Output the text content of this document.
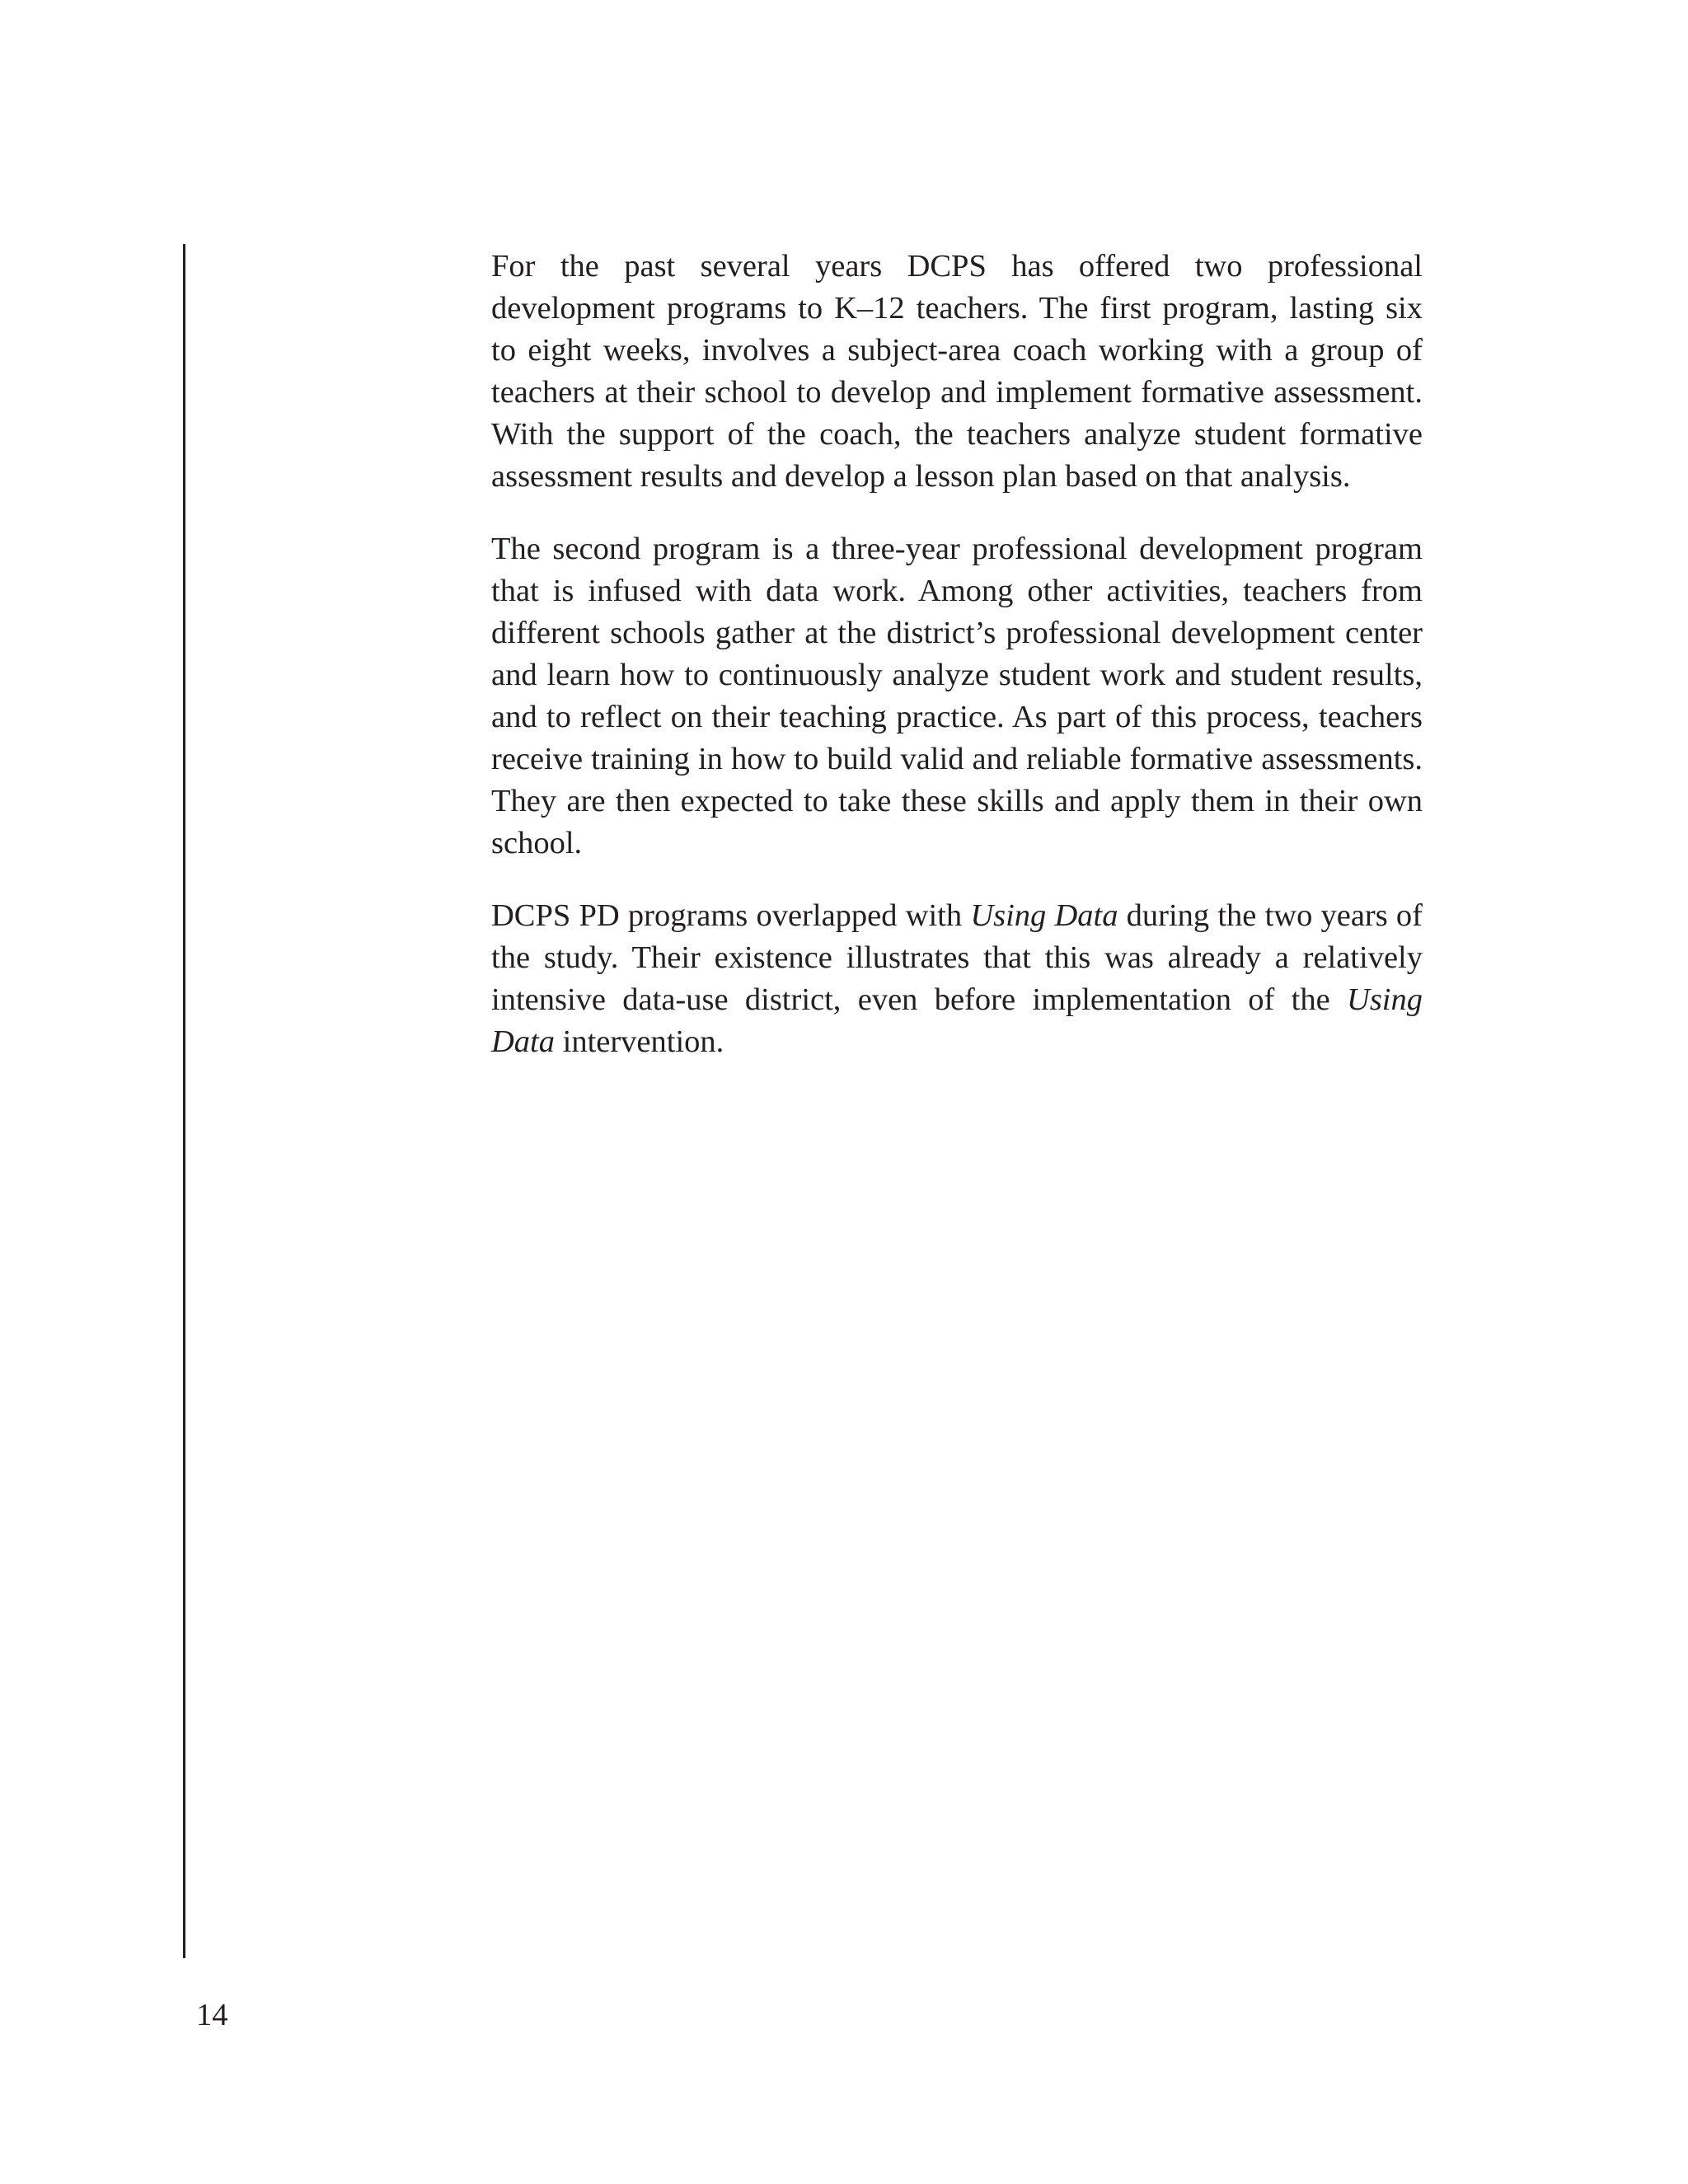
For the past several years DCPS has offered two professional development programs to K–12 teachers. The first program, lasting six to eight weeks, involves a subject-area coach working with a group of teachers at their school to develop and implement formative assessment. With the support of the coach, the teachers analyze student formative assessment results and develop a lesson plan based on that analysis.

The second program is a three-year professional development program that is infused with data work. Among other activities, teachers from different schools gather at the district’s professional development center and learn how to continuously analyze student work and student results, and to reflect on their teaching practice. As part of this process, teachers receive training in how to build valid and reliable formative assessments. They are then expected to take these skills and apply them in their own school.

DCPS PD programs overlapped with Using Data during the two years of the study. Their existence illustrates that this was already a relatively intensive data-use district, even before implementation of the Using Data intervention.

14
